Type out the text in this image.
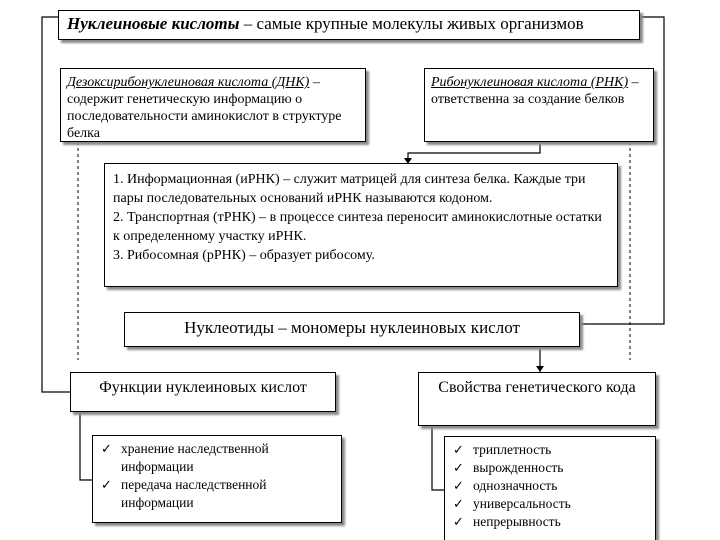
Нуклеиновые кислоты – самые крупные молекулы живых организмов
Дезоксирибонуклеиновая кислота (ДНК) – содержит генетическую информацию о последовательности аминокислот в структуре белка
Рибонуклеиновая кислота (РНК) – ответственна за создание белков

1. Информационная (иРНК) – служит матрицей для синтеза белка. Каждые три пары последовательных оснований иРНК называются кодоном.

2. Транспортная (тРНК) – в процессе синтеза переносит аминокислотные остатки к определенному участку иРНК.

3. Рибосомная (рРНК) – образует рибосому.

Нуклеотиды – мономеры нуклеиновых кислот
Функции нуклеиновых кислот	Свойства генетического кода
✓ хранение наследственной информации
✓ передача наследственной информации
✓ триплетность
✓ вырожденность
✓ однозначность
✓ универсальность
✓ непрерывность
